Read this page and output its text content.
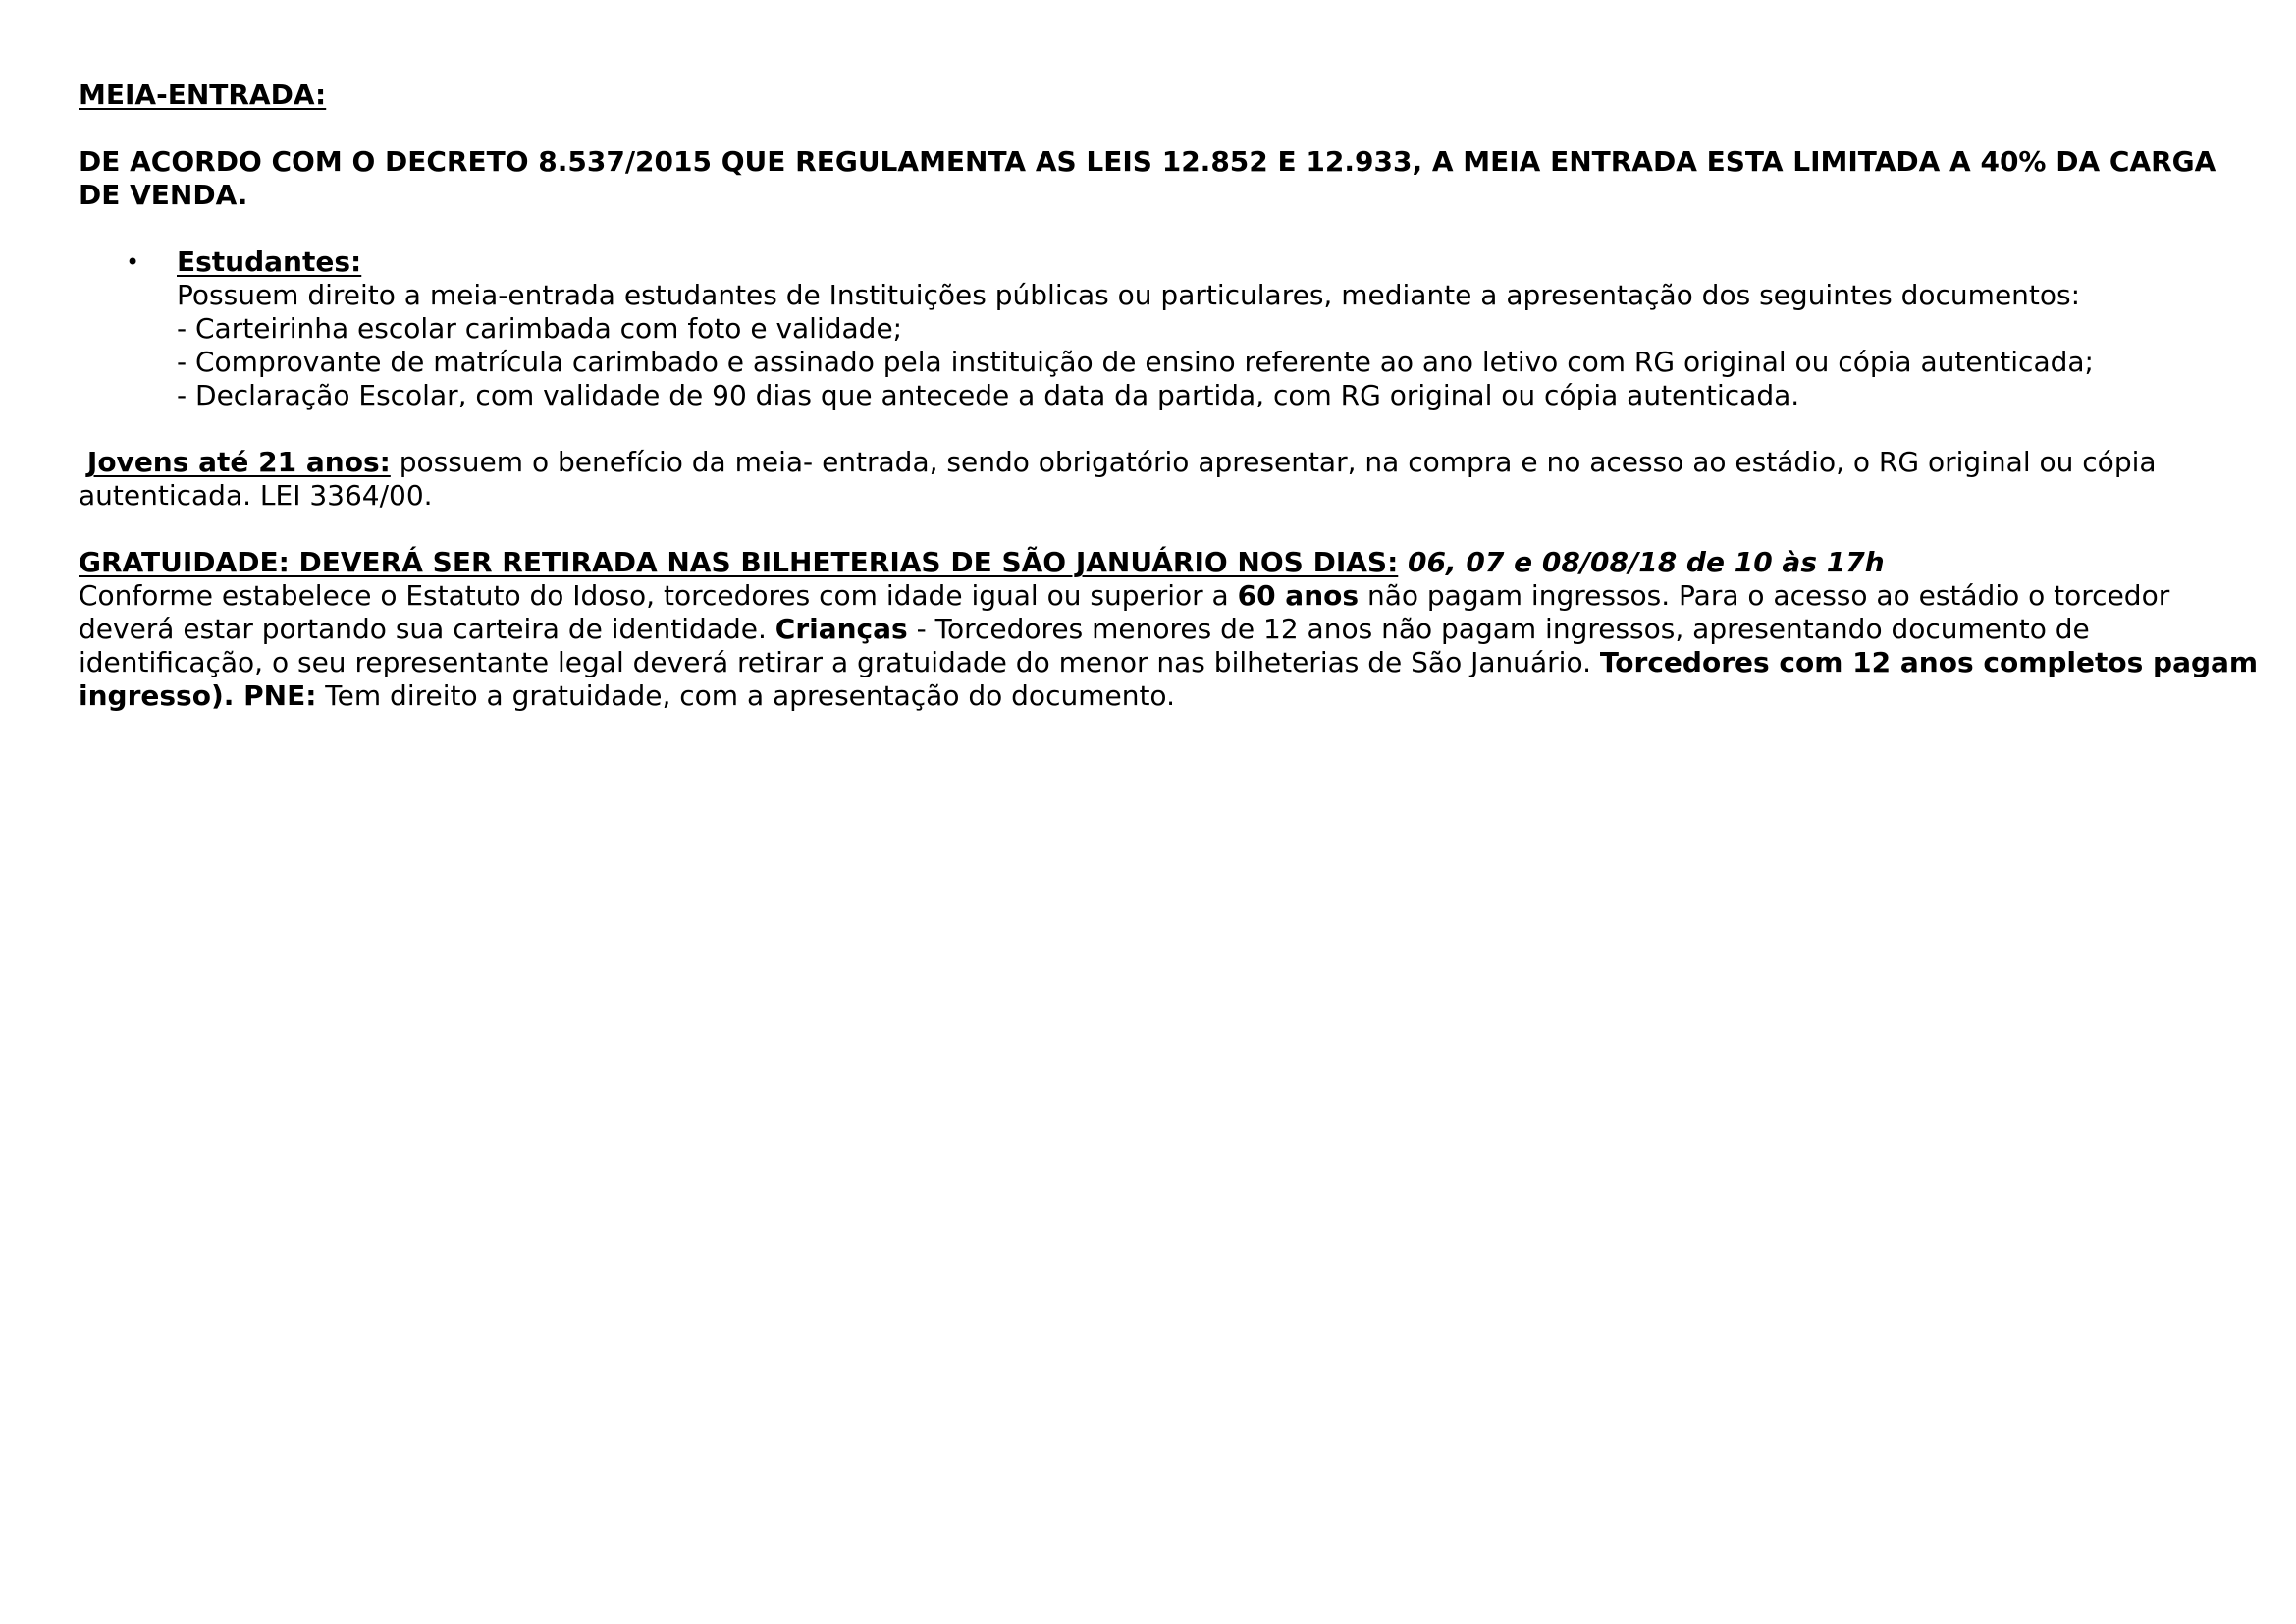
MEIA-ENTRADA:

DE ACORDO COM O DECRETO 8.537/2015 QUE REGULAMENTA AS LEIS 12.852 E 12.933, A MEIA ENTRADA ESTA LIMITADA A 40% DA CARGA
DE VENDA.

• Estudantes:
Possuem direito a meia-entrada estudantes de Instituições públicas ou particulares, mediante a apresentação dos seguintes documentos:
- Carteirinha escolar carimbada com foto e validade;
- Comprovante de matrícula carimbado e assinado pela instituição de ensino referente ao ano letivo com RG original ou cópia autenticada;
- Declaração Escolar, com validade de 90 dias que antecede a data da partida, com RG original ou cópia autenticada.

Jovens até 21 anos: possuem o benefício da meia- entrada, sendo obrigatório apresentar, na compra e no acesso ao estádio, o RG original ou cópia
autenticada. LEI 3364/00.

GRATUIDADE: DEVERÁ SER RETIRADA NAS BILHETERIAS DE SÃO JANUÁRIO NOS DIAS: 06, 07 e 08/08/18 de 10 às 17h
Conforme estabelece o Estatuto do Idoso, torcedores com idade igual ou superior a 60 anos não pagam ingressos. Para o acesso ao estádio o torcedor
deverá estar portando sua carteira de identidade. Crianças - Torcedores menores de 12 anos não pagam ingressos, apresentando documento de
identificação, o seu representante legal deverá retirar a gratuidade do menor nas bilheterias de São Januário. Torcedores com 12 anos completos pagam
ingresso). PNE: Tem direito a gratuidade, com a apresentação do documento.
